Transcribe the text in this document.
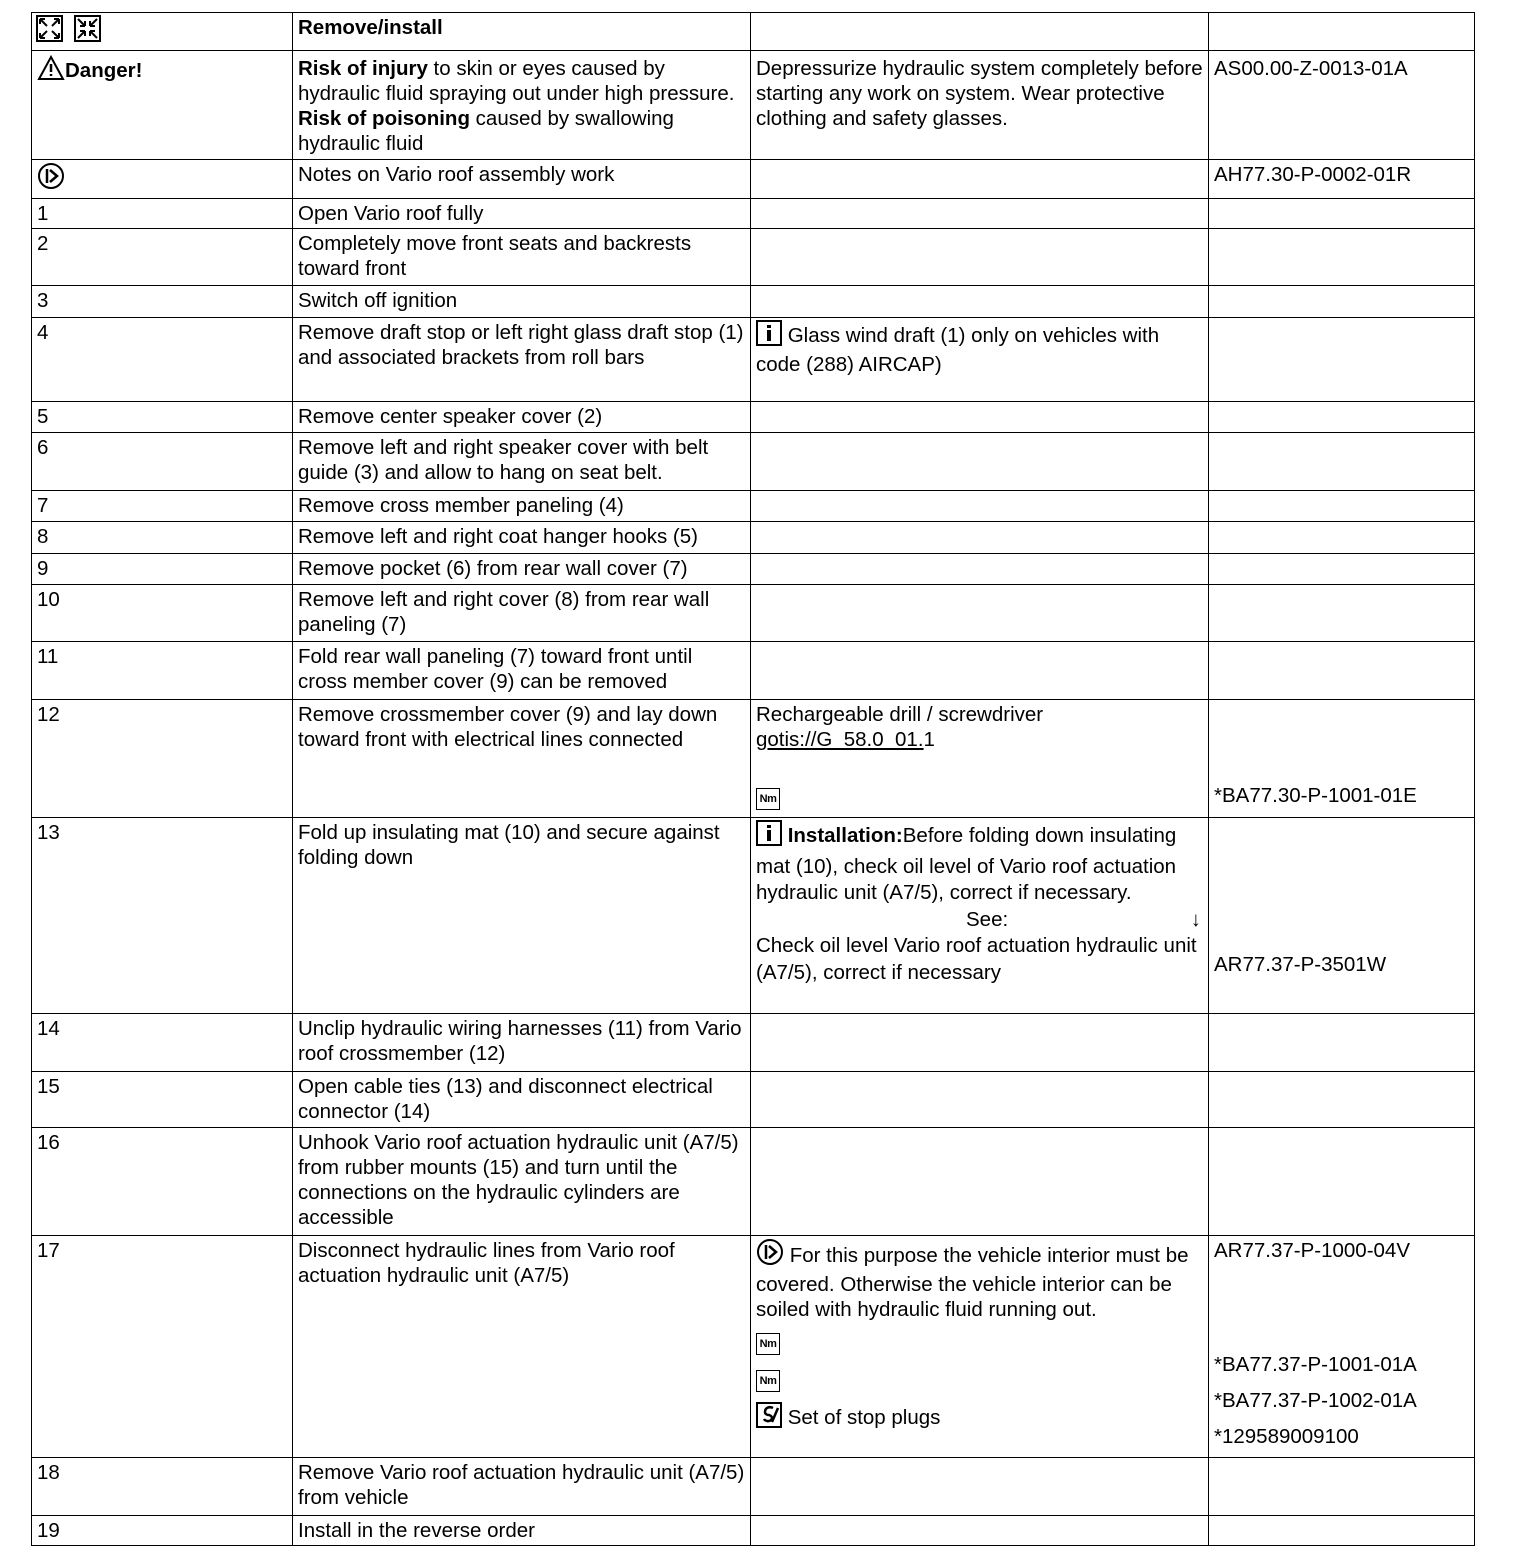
	Remove/install		
Danger!	Risk of injury to skin or eyes caused by hydraulic fluid spraying out under high pressure. Risk of poisoning caused by swallowing hydraulic fluid	Depressurize hydraulic system completely before starting any work on system. Wear protective clothing and safety glasses.	AS00.00-Z-0013-01A
	Notes on Vario roof assembly work		AH77.30-P-0002-01R
1	Open Vario roof fully		
2	Completely move front seats and backrests toward front		
3	Switch off ignition		
4	Remove draft stop or left right glass draft stop (1) and associated brackets from roll bars	Glass wind draft (1) only on vehicles with code (288) AIRCAP)	
5	Remove center speaker cover (2)		
6	Remove left and right speaker cover with belt guide (3) and allow to hang on seat belt.		
7	Remove cross member paneling (4)		
8	Remove left and right coat hanger hooks (5)		
9	Remove pocket (6) from rear wall cover (7)		
10	Remove left and right cover (8) from rear wall paneling (7)		
11	Fold rear wall paneling (7) toward front until cross member cover (9) can be removed		
12	Remove crossmember cover (9) and lay down toward front with electrical lines connected	Rechargeable drill / screwdriver
gotis://G_58.0_01.1
Nm	*BA77.30-P-1001-01E

13	Fold up insulating mat (10) and secure against folding down	Installation:Before folding down insulating mat (10), check oil level of Vario roof actuation hydraulic unit (A7/5), correct if necessary.
See: ↓
Check oil level Vario roof actuation hydraulic unit (A7/5), correct if necessary	AR77.37-P-3501W

14	Unclip hydraulic wiring harnesses (11) from Vario roof crossmember (12)		
15	Open cable ties (13) and disconnect electrical connector (14)		
16	Unhook Vario roof actuation hydraulic unit (A7/5) from rubber mounts (15) and turn until the connections on the hydraulic cylinders are accessible		
17	Disconnect hydraulic lines from Vario roof actuation hydraulic unit (A7/5)	For this purpose the vehicle interior must be covered. Otherwise the vehicle interior can be soiled with hydraulic fluid running out.
Nm
Nm
Set of stop plugs	AR77.37-P-1000-04V
*BA77.37-P-1001-01A
*BA77.37-P-1002-01A
*129589009100

18	Remove Vario roof actuation hydraulic unit (A7/5) from vehicle		
19	Install in the reverse order		
